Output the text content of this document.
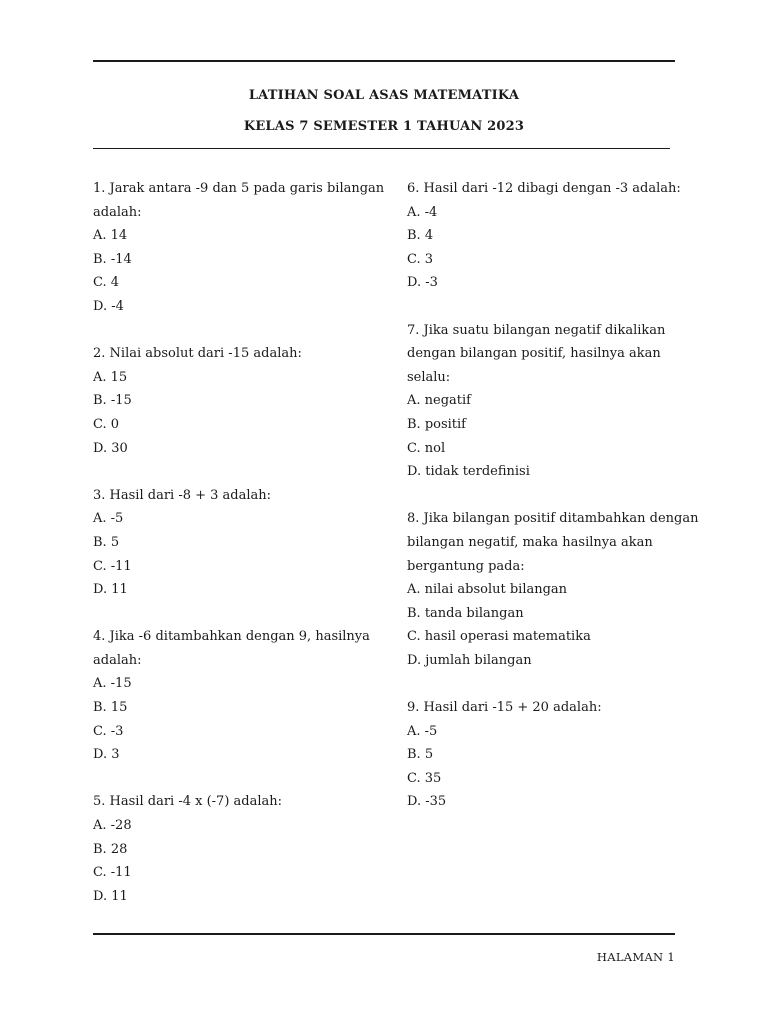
LATIHAN SOAL ASAS MATEMATIKA
KELAS 7 SEMESTER 1 TAHUAN 2023
1. Jarak antara -9 dan 5 pada garis bilangan
adalah:
A. 14
B. -14
C. 4
D. -4
2. Nilai absolut dari -15 adalah:
A. 15
B. -15
C. 0
D. 30
3. Hasil dari -8 + 3 adalah:
A. -5
B. 5
C. -11
D. 11
4. Jika -6 ditambahkan dengan 9, hasilnya
adalah:
A. -15
B. 15
C. -3
D. 3
5. Hasil dari -4 x (-7) adalah:
A. -28
B. 28
C. -11
D. 11
6. Hasil dari -12 dibagi dengan -3 adalah:
A. -4
B. 4
C. 3
D. -3
7. Jika suatu bilangan negatif dikalikan
dengan bilangan positif, hasilnya akan
selalu:
A. negatif
B. positif
C. nol
D. tidak terdefinisi
8. Jika bilangan positif ditambahkan dengan
bilangan negatif, maka hasilnya akan
bergantung pada:
A. nilai absolut bilangan
B. tanda bilangan
C. hasil operasi matematika
D. jumlah bilangan
9. Hasil dari -15 + 20 adalah:
A. -5
B. 5
C. 35
D. -35
HALAMAN 1
